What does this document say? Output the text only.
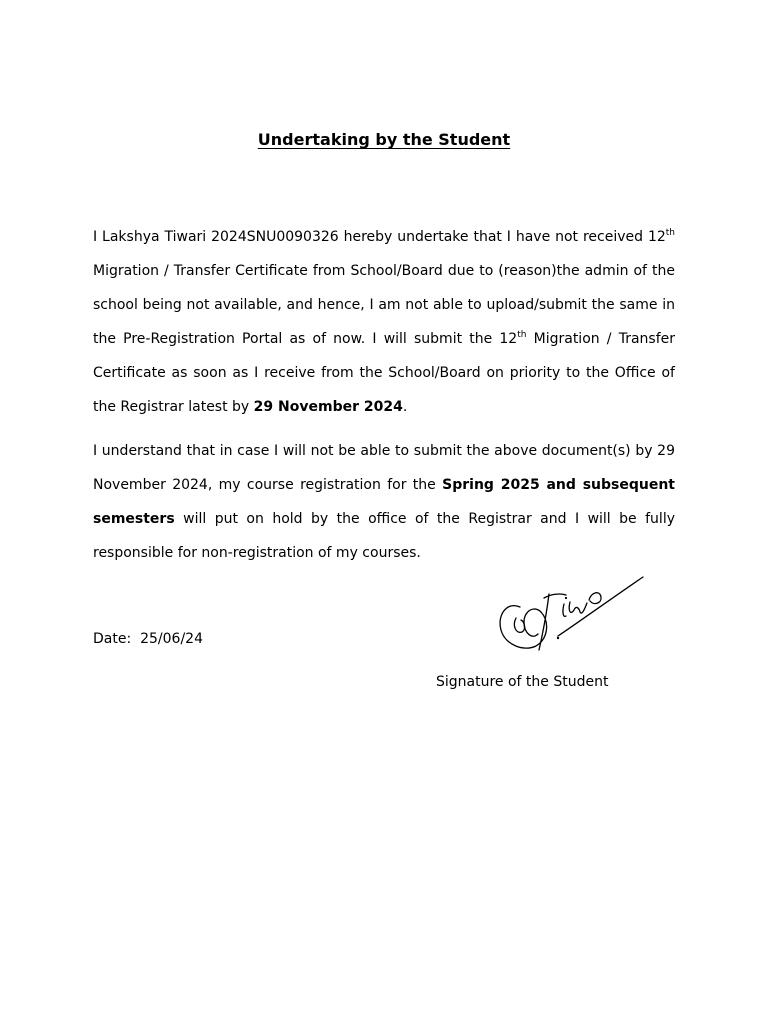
Undertaking by the Student

I Lakshya Tiwari 2024SNU0090326 hereby undertake that I have not received 12th Migration / Transfer Certificate from School/Board due to (reason)the admin of the school being not available, and hence, I am not able to upload/submit the same in the Pre-Registration Portal as of now. I will submit the 12th Migration / Transfer Certificate as soon as I receive from the School/Board on priority to the Office of the Registrar latest by 29 November 2024.

I understand that in case I will not be able to submit the above document(s) by 29 November 2024, my course registration for the Spring 2025 and subsequent semesters will put on hold by the office of the Registrar and I will be fully responsible for non-registration of my courses.

Date: 25/06/24

Signature of the Student
